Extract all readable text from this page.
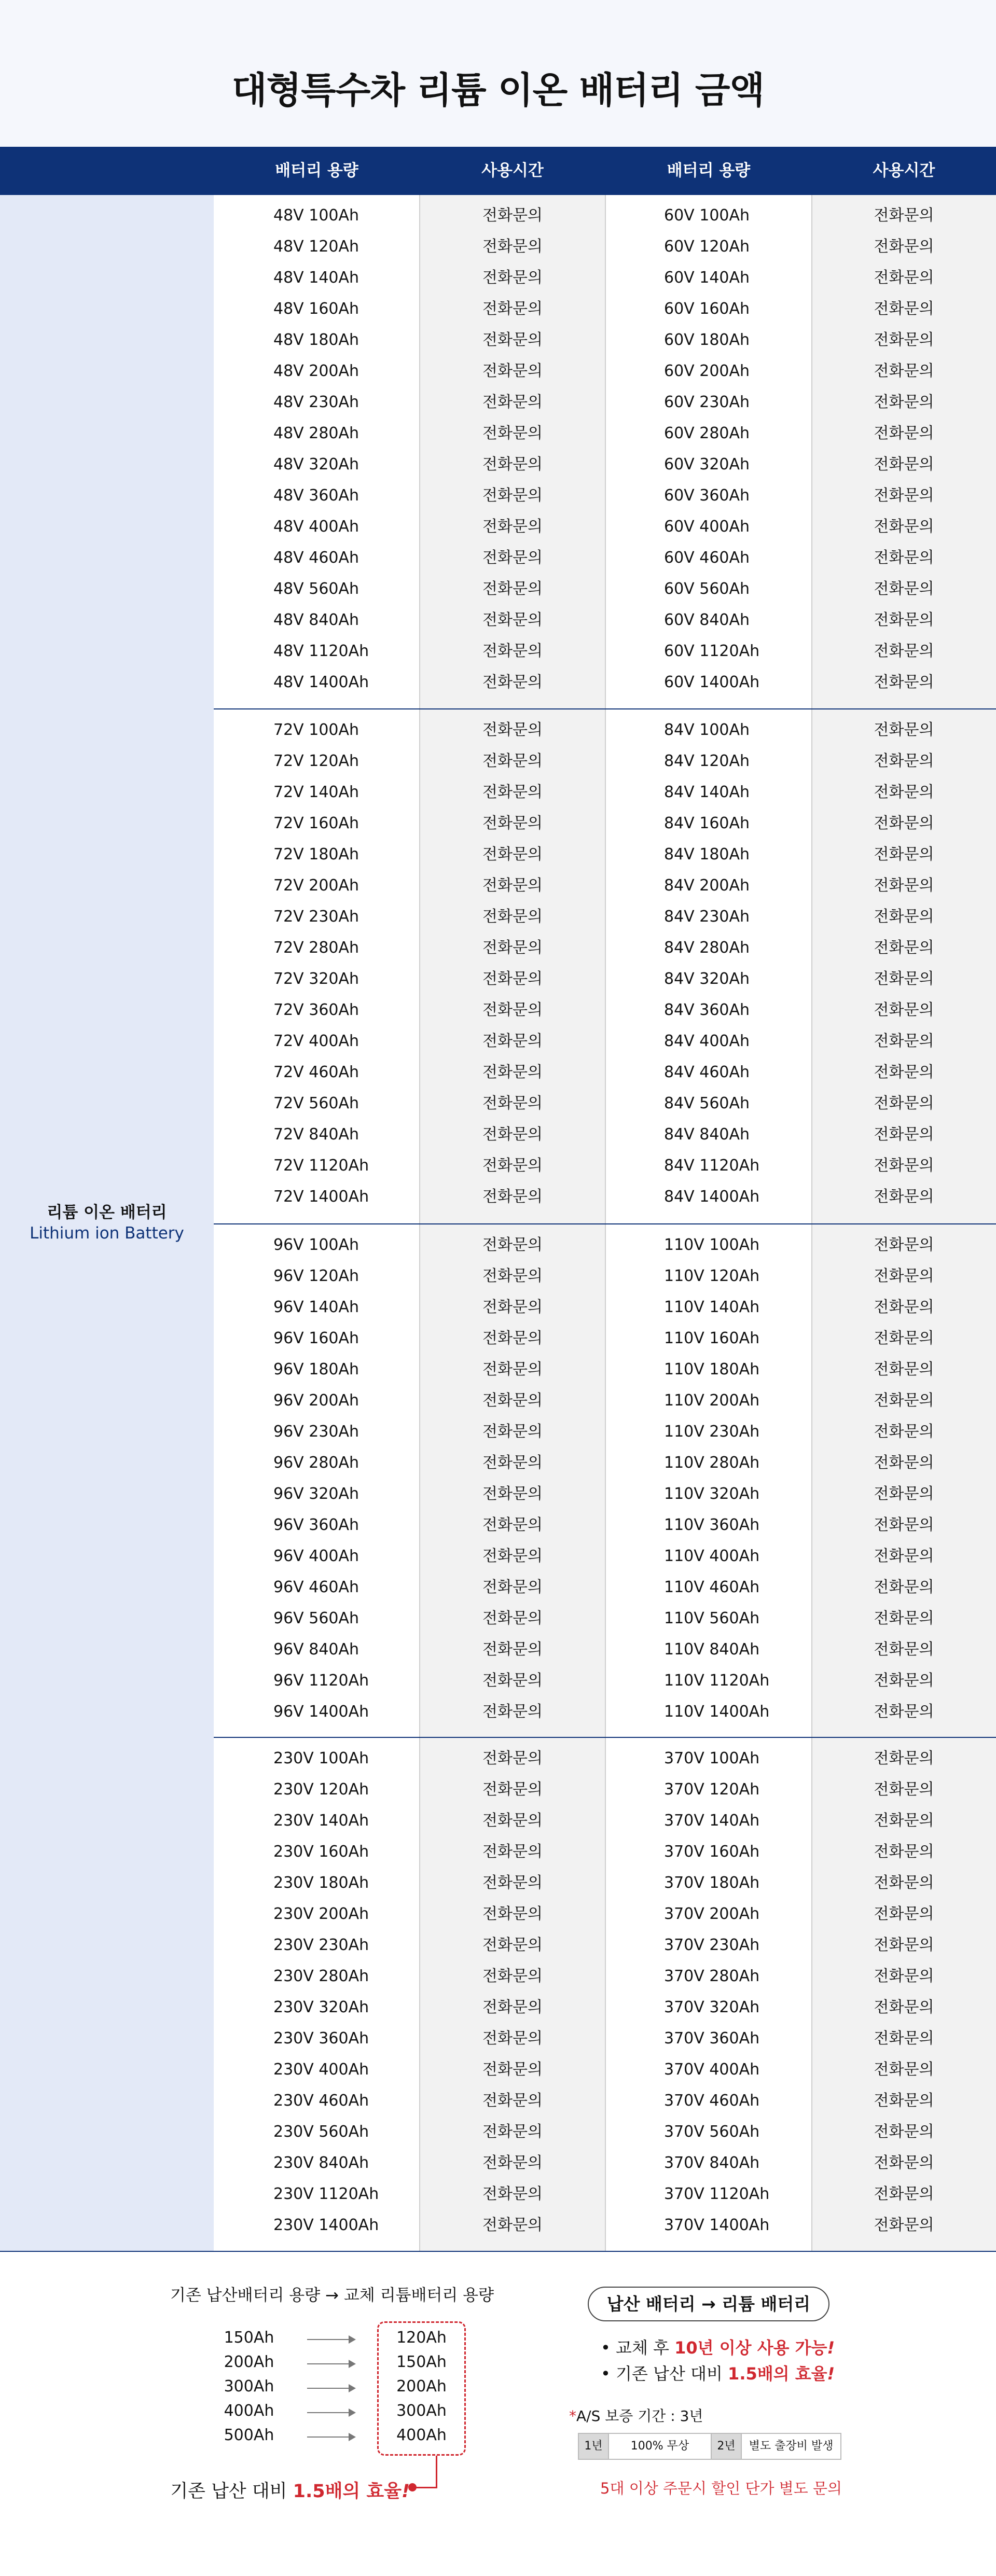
대형특수차 리튬 이온 배터리 금액
배터리 용량	사용시간	배터리 용량	사용시간
리튬 이온 배터리
Lithium ion Battery
48V 100Ah	전화문의	60V 100Ah	전화문의
48V 120Ah	전화문의	60V 120Ah	전화문의
48V 140Ah	전화문의	60V 140Ah	전화문의
48V 160Ah	전화문의	60V 160Ah	전화문의
48V 180Ah	전화문의	60V 180Ah	전화문의
48V 200Ah	전화문의	60V 200Ah	전화문의
48V 230Ah	전화문의	60V 230Ah	전화문의
48V 280Ah	전화문의	60V 280Ah	전화문의
48V 320Ah	전화문의	60V 320Ah	전화문의
48V 360Ah	전화문의	60V 360Ah	전화문의
48V 400Ah	전화문의	60V 400Ah	전화문의
48V 460Ah	전화문의	60V 460Ah	전화문의
48V 560Ah	전화문의	60V 560Ah	전화문의
48V 840Ah	전화문의	60V 840Ah	전화문의
48V 1120Ah	전화문의	60V 1120Ah	전화문의
48V 1400Ah	전화문의	60V 1400Ah	전화문의
72V 100Ah	전화문의	84V 100Ah	전화문의
72V 120Ah	전화문의	84V 120Ah	전화문의
72V 140Ah	전화문의	84V 140Ah	전화문의
72V 160Ah	전화문의	84V 160Ah	전화문의
72V 180Ah	전화문의	84V 180Ah	전화문의
72V 200Ah	전화문의	84V 200Ah	전화문의
72V 230Ah	전화문의	84V 230Ah	전화문의
72V 280Ah	전화문의	84V 280Ah	전화문의
72V 320Ah	전화문의	84V 320Ah	전화문의
72V 360Ah	전화문의	84V 360Ah	전화문의
72V 400Ah	전화문의	84V 400Ah	전화문의
72V 460Ah	전화문의	84V 460Ah	전화문의
72V 560Ah	전화문의	84V 560Ah	전화문의
72V 840Ah	전화문의	84V 840Ah	전화문의
72V 1120Ah	전화문의	84V 1120Ah	전화문의
72V 1400Ah	전화문의	84V 1400Ah	전화문의
96V 100Ah	전화문의	110V 100Ah	전화문의
96V 120Ah	전화문의	110V 120Ah	전화문의
96V 140Ah	전화문의	110V 140Ah	전화문의
96V 160Ah	전화문의	110V 160Ah	전화문의
96V 180Ah	전화문의	110V 180Ah	전화문의
96V 200Ah	전화문의	110V 200Ah	전화문의
96V 230Ah	전화문의	110V 230Ah	전화문의
96V 280Ah	전화문의	110V 280Ah	전화문의
96V 320Ah	전화문의	110V 320Ah	전화문의
96V 360Ah	전화문의	110V 360Ah	전화문의
96V 400Ah	전화문의	110V 400Ah	전화문의
96V 460Ah	전화문의	110V 460Ah	전화문의
96V 560Ah	전화문의	110V 560Ah	전화문의
96V 840Ah	전화문의	110V 840Ah	전화문의
96V 1120Ah	전화문의	110V 1120Ah	전화문의
96V 1400Ah	전화문의	110V 1400Ah	전화문의
230V 100Ah	전화문의	370V 100Ah	전화문의
230V 120Ah	전화문의	370V 120Ah	전화문의
230V 140Ah	전화문의	370V 140Ah	전화문의
230V 160Ah	전화문의	370V 160Ah	전화문의
230V 180Ah	전화문의	370V 180Ah	전화문의
230V 200Ah	전화문의	370V 200Ah	전화문의
230V 230Ah	전화문의	370V 230Ah	전화문의
230V 280Ah	전화문의	370V 280Ah	전화문의
230V 320Ah	전화문의	370V 320Ah	전화문의
230V 360Ah	전화문의	370V 360Ah	전화문의
230V 400Ah	전화문의	370V 400Ah	전화문의
230V 460Ah	전화문의	370V 460Ah	전화문의
230V 560Ah	전화문의	370V 560Ah	전화문의
230V 840Ah	전화문의	370V 840Ah	전화문의
230V 1120Ah	전화문의	370V 1120Ah	전화문의
230V 1400Ah	전화문의	370V 1400Ah	전화문의
기존 납산배터리 용량 → 교체 리튬배터리 용량
150Ah	120Ah
200Ah	150Ah
300Ah	200Ah
400Ah	300Ah
500Ah	400Ah
기존 납산 대비 1.5배의 효율!
납산 배터리 → 리튬 배터리
• 교체 후 10년 이상 사용 가능!
• 기존 납산 대비 1.5배의 효율!
*A/S 보증 기간 : 3년
1년	100% 무상	2년	별도 출장비 발생
5대 이상 주문시 할인 단가 별도 문의
